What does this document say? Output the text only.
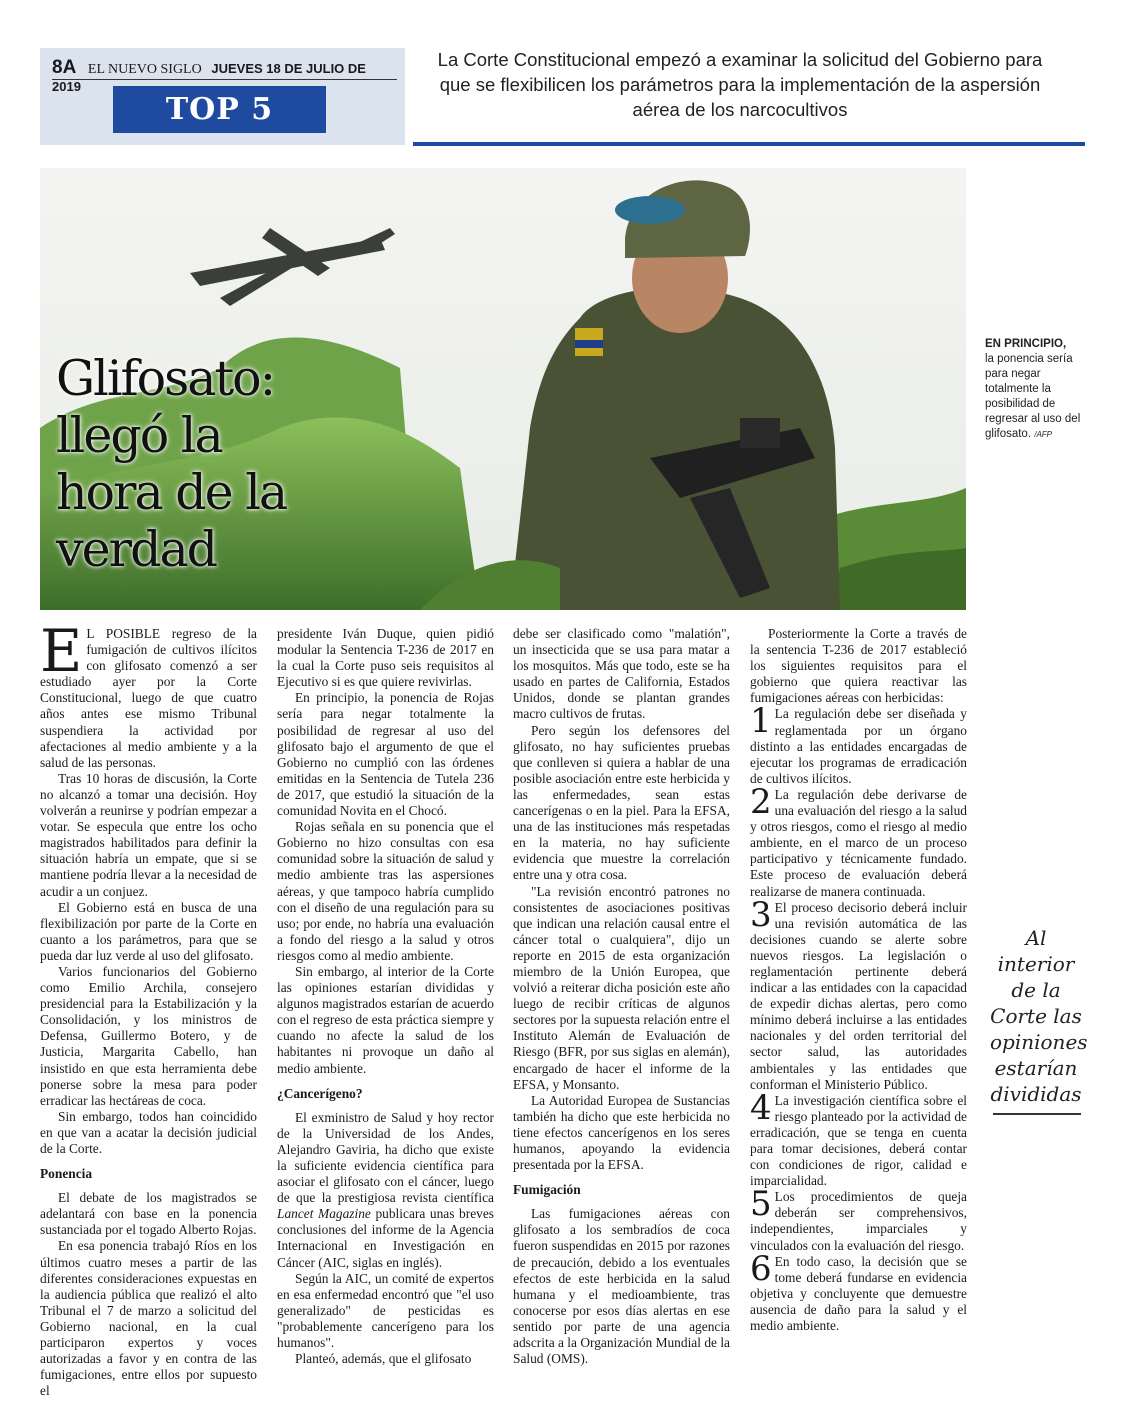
8A EL NUEVO SIGLO JUEVES 18 DE JULIO DE 2019
TOP 5
La Corte Constitucional empezó a examinar la solicitud del Gobierno para que se flexibilicen los parámetros para la implementación de la aspersión aérea de los narcocultivos
Glifosato: llegó la hora de la verdad
EN PRINCIPIO,
la ponencia sería para negar totalmente la posibilidad de regresar al uso del glifosato. /AFP

E L POSIBLE regreso de la fumigación de cultivos ilícitos con glifosato comenzó a ser estudiado ayer por la Corte Constitucional, luego de que cuatro años antes ese mismo Tribunal suspendiera la actividad por afectaciones al medio ambiente y a la salud de las personas.

Tras 10 horas de discusión, la Corte no alcanzó a tomar una decisión. Hoy volverán a reunirse y podrían empezar a votar. Se especula que entre los ocho magistrados habilitados para definir la situación habría un empate, que si se mantiene podría llevar a la necesidad de acudir a un conjuez.

El Gobierno está en busca de una flexibilización por parte de la Corte en cuanto a los parámetros, para que se pueda dar luz verde al uso del glifosato.

Varios funcionarios del Gobierno como Emilio Archila, consejero presidencial para la Estabilización y la Consolidación, y los ministros de Defensa, Guillermo Botero, y de Justicia, Margarita Cabello, han insistido en que esta herramienta debe ponerse sobre la mesa para poder erradicar las hectáreas de coca.

Sin embargo, todos han coincidido en que van a acatar la decisión judicial de la Corte.

Ponencia

El debate de los magistrados se adelantará con base en la ponencia sustanciada por el togado Alberto Rojas.

En esa ponencia trabajó Ríos en los últimos cuatro meses a partir de las diferentes consideraciones expuestas en la audiencia pública que realizó el alto Tribunal el 7 de marzo a solicitud del Gobierno nacional, en la cual participaron expertos y voces autorizadas a favor y en contra de las fumigaciones, entre ellos por supuesto el

presidente Iván Duque, quien pidió modular la Sentencia T-236 de 2017 en la cual la Corte puso seis requisitos al Ejecutivo si es que quiere revivirlas.

En principio, la ponencia de Rojas sería para negar totalmente la posibilidad de regresar al uso del glifosato bajo el argumento de que el Gobierno no cumplió con las órdenes emitidas en la Sentencia de Tutela 236 de 2017, que estudió la situación de la comunidad Novita en el Chocó.

Rojas señala en su ponencia que el Gobierno no hizo consultas con esa comunidad sobre la situación de salud y medio ambiente tras las aspersiones aéreas, y que tampoco habría cumplido con el diseño de una regulación para su uso; por ende, no habría una evaluación a fondo del riesgo a la salud y otros riesgos como al medio ambiente.

Sin embargo, al interior de la Corte las opiniones estarían divididas y algunos magistrados estarían de acuerdo con el regreso de esta práctica siempre y cuando no afecte la salud de los habitantes ni provoque un daño al medio ambiente.

¿Cancerígeno?

El exministro de Salud y hoy rector de la Universidad de los Andes, Alejandro Gaviria, ha dicho que existe la suficiente evidencia científica para asociar el glifosato con el cáncer, luego de que la prestigiosa revista científica Lancet Magazine publicara unas breves conclusiones del informe de la Agencia Internacional en Investigación en Cáncer (AIC, siglas en inglés).

Según la AIC, un comité de expertos en esa enfermedad encontró que "el uso generalizado" de pesticidas es "probablemente cancerígeno para los humanos".

Planteó, además, que el glifosato

debe ser clasificado como "malatión", un insecticida que se usa para matar a los mosquitos. Más que todo, este se ha usado en partes de California, Estados Unidos, donde se plantan grandes macro cultivos de frutas.

Pero según los defensores del glifosato, no hay suficientes pruebas que conlleven si quiera a hablar de una posible asociación entre este herbicida y las enfermedades, sean estas cancerígenas o en la piel. Para la EFSA, una de las instituciones más respetadas en la materia, no hay suficiente evidencia que muestre la correlación entre una y otra cosa.

"La revisión encontró patrones no consistentes de asociaciones positivas que indican una relación causal entre el cáncer total o cualquiera", dijo un reporte en 2015 de esta organización miembro de la Unión Europea, que volvió a reiterar dicha posición este año luego de recibir críticas de algunos sectores por la supuesta relación entre el Instituto Alemán de Evaluación de Riesgo (BFR, por sus siglas en alemán), encargado de hacer el informe de la EFSA, y Monsanto.

La Autoridad Europea de Sustancias también ha dicho que este herbicida no tiene efectos cancerígenos en los seres humanos, apoyando la evidencia presentada por la EFSA.

Fumigación

Las fumigaciones aéreas con glifosato a los sembradíos de coca fueron suspendidas en 2015 por razones de precaución, debido a los eventuales efectos de este herbicida en la salud humana y el medioambiente, tras conocerse por esos días alertas en ese sentido por parte de una agencia adscrita a la Organización Mundial de la Salud (OMS).

Posteriormente la Corte a través de la sentencia T-236 de 2017 estableció los siguientes requisitos para el gobierno que quiera reactivar las fumigaciones aéreas con herbicidas:

1 La regulación debe ser diseñada y reglamentada por un órgano distinto a las entidades encargadas de ejecutar los programas de erradicación de cultivos ilícitos.

2 La regulación debe derivarse de una evaluación del riesgo a la salud y otros riesgos, como el riesgo al medio ambiente, en el marco de un proceso participativo y técnicamente fundado. Este proceso de evaluación deberá realizarse de manera continuada.

3 El proceso decisorio deberá incluir una revisión automática de las decisiones cuando se alerte sobre nuevos riesgos. La legislación o reglamentación pertinente deberá indicar a las entidades con la capacidad de expedir dichas alertas, pero como mínimo deberá incluirse a las entidades nacionales y del orden territorial del sector salud, las autoridades ambientales y las entidades que conforman el Ministerio Público.

4 La investigación científica sobre el riesgo planteado por la actividad de erradicación, que se tenga en cuenta para tomar decisiones, deberá contar con condiciones de rigor, calidad e imparcialidad.

5 Los procedimientos de queja deberán ser comprehensivos, independientes, imparciales y vinculados con la evaluación del riesgo.

6 En todo caso, la decisión que se tome deberá fundarse en evidencia objetiva y concluyente que demuestre ausencia de daño para la salud y el medio ambiente.

Al interior de la Corte las opiniones estarían divididas
